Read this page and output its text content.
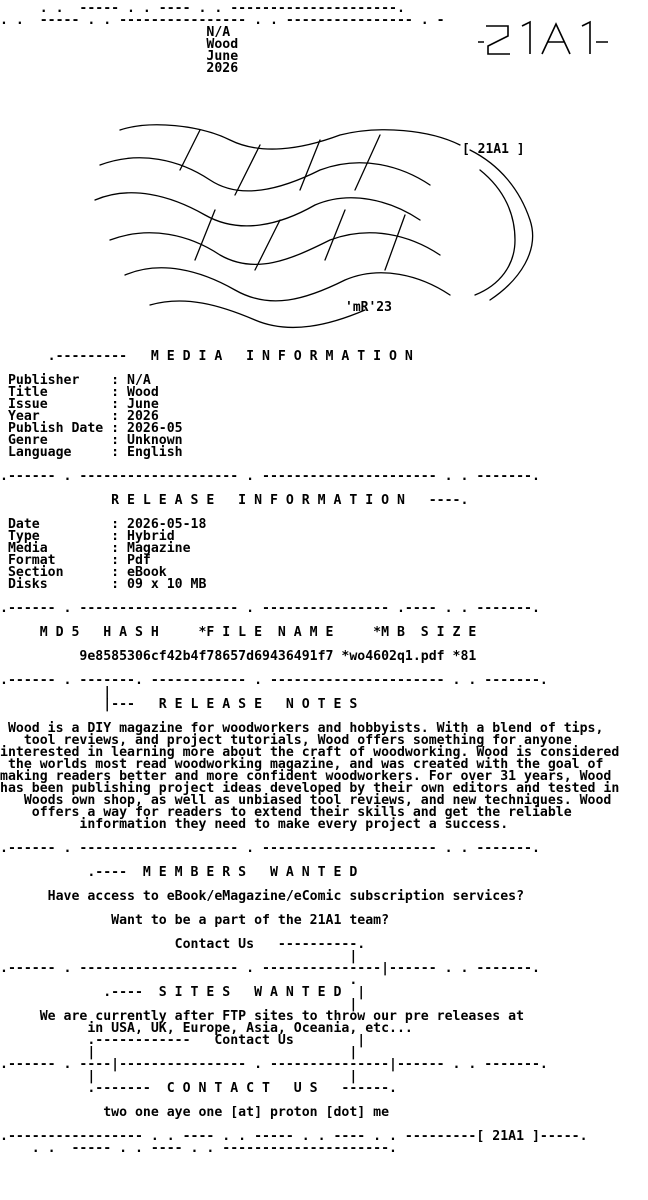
. .  ----- . . ---- . . ---------------------.
. .  ----- . . ---------------- . . ---------------- . -
N/A
Wood
June
2026
.---------   M E D I A   I N F O R M A T I O N
Publisher    : N/A
Title        : Wood
Issue        : June
Year         : 2026
Publish Date : 2026-05
Genre        : Unknown
Language     : English
.------ . -------------------- . ---------------------- . . -------.
R E L E A S E   I N F O R M A T I O N   ----.
Date         : 2026-05-18
Type         : Hybrid
Media        : Magazine
Format       : Pdf
Section      : eBook
Disks        : 09 x 10 MB
.------ . -------------------- . ---------------- .---- . . -------.
M D 5   H A S H     *F I L E  N A M E     *M B  S I Z E
9e8585306cf42b4f78657d69436491f7 *wo4602q1.pdf *81
.------ . -------. ------------ . ---------------------- . . -------.
|
|---   R E L E A S E   N O T E S
Wood is a DIY magazine for woodworkers and hobbyists. With a blend of tips,
tool reviews, and project tutorials, Wood offers something for anyone
interested in learning more about the craft of woodworking. Wood is considered
the worlds most read woodworking magazine, and was created with the goal of
making readers better and more confident woodworkers. For over 31 years, Wood
has been publishing project ideas developed by their own editors and tested in
Woods own shop, as well as unbiased tool reviews, and new techniques. Wood
offers a way for readers to extend their skills and get the reliable
information they need to make every project a success.
.------ . -------------------- . ---------------------- . . -------.
.----  M E M B E R S   W A N T E D
Have access to eBook/eMagazine/eComic subscription services?
Want to be a part of the 21A1 team?
Contact Us   ----------.
|
.------ . -------------------- . ---------------|------ . . -------.
.
.----  S I T E S   W A N T E D  |
|
We are currently after FTP sites to throw our pre releases at
in USA, UK, Europe, Asia, Oceania, etc...
.------------   Contact Us        |
|                                |
.------ . ----|---------------- . ---------------|------ . . -------.
|                                |
.-------  C O N T A C T   U S   ------.
two one aye one [at] proton [dot] me
.----------------- . . ---- . . ----- . . ---- . . ---------[ 21A1 ]-----.
. .  ----- . . ---- . . ---------------------.
[ 21A1 ]
'mR'23
